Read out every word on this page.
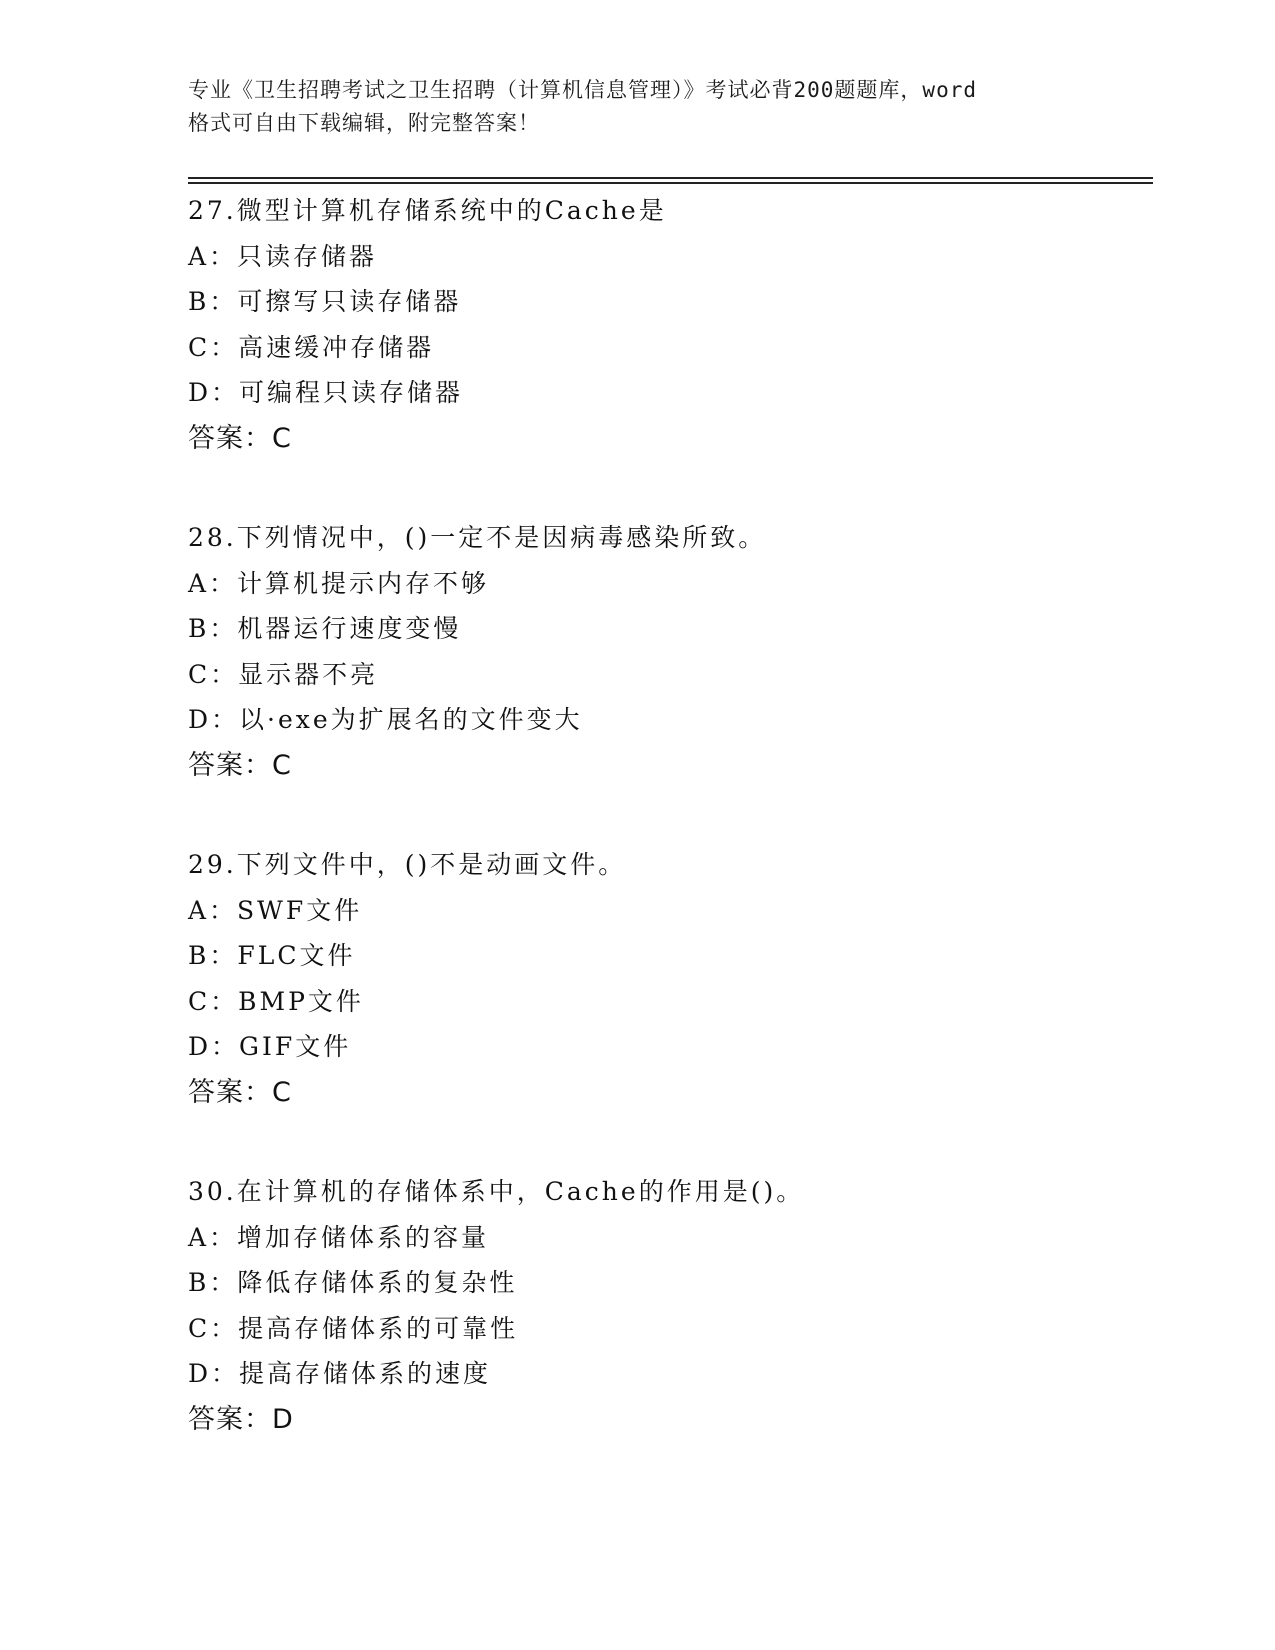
专业《卫生招聘考试之卫生招聘（计算机信息管理）》考试必背200题题库，word

格式可自由下载编辑，附完整答案！

27.微型计算机存储系统中的Cache是
A：只读存储器
B：可擦写只读存储器
C：高速缓冲存储器
D：可编程只读存储器
答案：C
28.下列情况中，()一定不是因病毒感染所致。
A：计算机提示内存不够
B：机器运行速度变慢
C：显示器不亮
D：以·exe为扩展名的文件变大
答案：C
29.下列文件中，()不是动画文件。
A：SWF文件
B：FLC文件
C：BMP文件
D：GIF文件
答案：C
30.在计算机的存储体系中，Cache的作用是()。
A：增加存储体系的容量
B：降低存储体系的复杂性
C：提高存储体系的可靠性
D：提高存储体系的速度
答案：D
